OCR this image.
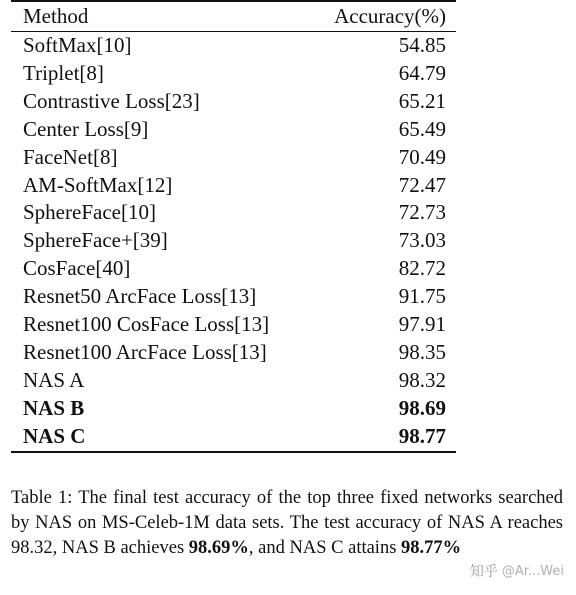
Method	Accuracy(%)
SoftMax[10]	54.85
Triplet[8]	64.79
Contrastive Loss[23]	65.21
Center Loss[9]	65.49
FaceNet[8]	70.49
AM-SoftMax[12]	72.47
SphereFace[10]	72.73
SphereFace+[39]	73.03
CosFace[40]	82.72
Resnet50 ArcFace Loss[13]	91.75
Resnet100 CosFace Loss[13]	97.91
Resnet100 ArcFace Loss[13]	98.35
NAS A	98.32
NAS B	98.69
NAS C	98.77
Table 1: The final test accuracy of the top three fixed networks searched by NAS on MS-Celeb-1M data sets. The test accuracy of NAS A reaches 98.32, NAS B achieves 98.69%, and NAS C attains 98.77%
知乎 @Ar...Wei
